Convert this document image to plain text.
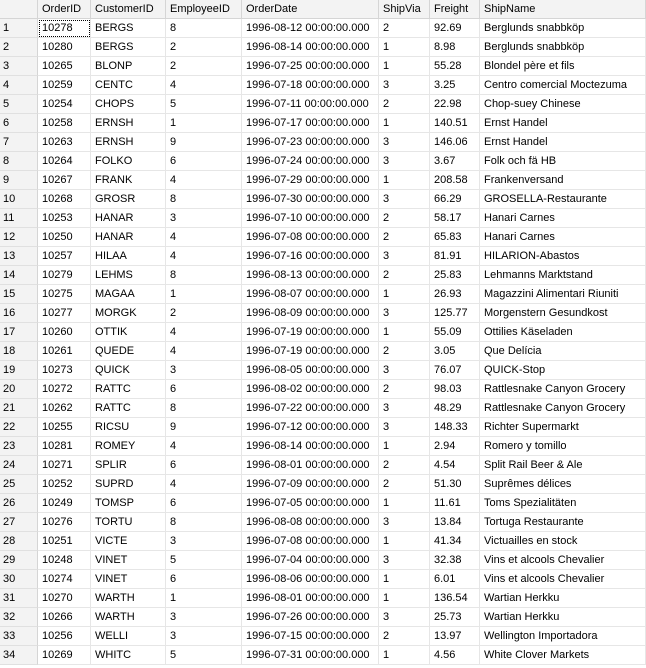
OrderID	CustomerID	EmployeeID	OrderDate	ShipVia	Freight	ShipName
1	10278	BERGS	8	1996-08-12 00:00:00.000	2	92.69	Berglunds snabbköp
2	10280	BERGS	2	1996-08-14 00:00:00.000	1	8.98	Berglunds snabbköp
3	10265	BLONP	2	1996-07-25 00:00:00.000	1	55.28	Blondel père et fils
4	10259	CENTC	4	1996-07-18 00:00:00.000	3	3.25	Centro comercial Moctezuma
5	10254	CHOPS	5	1996-07-11 00:00:00.000	2	22.98	Chop-suey Chinese
6	10258	ERNSH	1	1996-07-17 00:00:00.000	1	140.51	Ernst Handel
7	10263	ERNSH	9	1996-07-23 00:00:00.000	3	146.06	Ernst Handel
8	10264	FOLKO	6	1996-07-24 00:00:00.000	3	3.67	Folk och fä HB
9	10267	FRANK	4	1996-07-29 00:00:00.000	1	208.58	Frankenversand
10	10268	GROSR	8	1996-07-30 00:00:00.000	3	66.29	GROSELLA-Restaurante
11	10253	HANAR	3	1996-07-10 00:00:00.000	2	58.17	Hanari Carnes
12	10250	HANAR	4	1996-07-08 00:00:00.000	2	65.83	Hanari Carnes
13	10257	HILAA	4	1996-07-16 00:00:00.000	3	81.91	HILARION-Abastos
14	10279	LEHMS	8	1996-08-13 00:00:00.000	2	25.83	Lehmanns Marktstand
15	10275	MAGAA	1	1996-08-07 00:00:00.000	1	26.93	Magazzini Alimentari Riuniti
16	10277	MORGK	2	1996-08-09 00:00:00.000	3	125.77	Morgenstern Gesundkost
17	10260	OTTIK	4	1996-07-19 00:00:00.000	1	55.09	Ottilies Käseladen
18	10261	QUEDE	4	1996-07-19 00:00:00.000	2	3.05	Que Delícia
19	10273	QUICK	3	1996-08-05 00:00:00.000	3	76.07	QUICK-Stop
20	10272	RATTC	6	1996-08-02 00:00:00.000	2	98.03	Rattlesnake Canyon Grocery
21	10262	RATTC	8	1996-07-22 00:00:00.000	3	48.29	Rattlesnake Canyon Grocery
22	10255	RICSU	9	1996-07-12 00:00:00.000	3	148.33	Richter Supermarkt
23	10281	ROMEY	4	1996-08-14 00:00:00.000	1	2.94	Romero y tomillo
24	10271	SPLIR	6	1996-08-01 00:00:00.000	2	4.54	Split Rail Beer & Ale
25	10252	SUPRD	4	1996-07-09 00:00:00.000	2	51.30	Suprêmes délices
26	10249	TOMSP	6	1996-07-05 00:00:00.000	1	11.61	Toms Spezialitäten
27	10276	TORTU	8	1996-08-08 00:00:00.000	3	13.84	Tortuga Restaurante
28	10251	VICTE	3	1996-07-08 00:00:00.000	1	41.34	Victuailles en stock
29	10248	VINET	5	1996-07-04 00:00:00.000	3	32.38	Vins et alcools Chevalier
30	10274	VINET	6	1996-08-06 00:00:00.000	1	6.01	Vins et alcools Chevalier
31	10270	WARTH	1	1996-08-01 00:00:00.000	1	136.54	Wartian Herkku
32	10266	WARTH	3	1996-07-26 00:00:00.000	3	25.73	Wartian Herkku
33	10256	WELLI	3	1996-07-15 00:00:00.000	2	13.97	Wellington Importadora
34	10269	WHITC	5	1996-07-31 00:00:00.000	1	4.56	White Clover Markets
